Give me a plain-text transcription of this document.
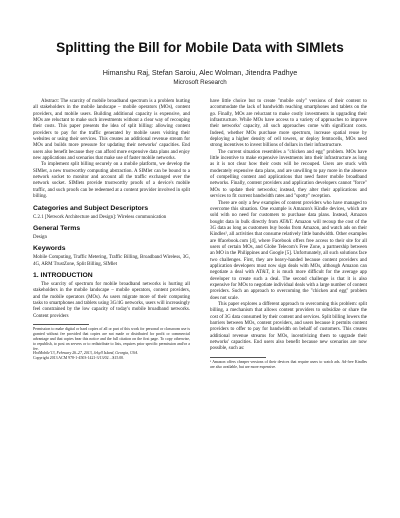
Splitting the Bill for Mobile Data with SIMlets
Himanshu Raj, Stefan Saroiu, Alec Wolman, Jitendra Padhye
Microsoft Research

Abstract: The scarcity of mobile broadband spectrum is a problem hurting all stakeholders in the mobile landscape – mobile operators (MOs), content providers, and mobile users. Building additional capacity is expensive, and MOs are reluctant to make such investments without a clear way of recouping their costs. This paper presents the idea of split billing: allowing content providers to pay for the traffic generated by mobile users visiting their websites or using their services. This creates an additional revenue stream for MOs and builds more pressure for updating their networks' capacities. End users also benefit because they can afford more expensive data plans and enjoy new applications and scenarios that make use of faster mobile networks.

To implement split billing securely on a mobile platform, we develop the SIMlet, a new trustworthy computing abstraction. A SIMlet can be bound to a network socket to monitor and account all the traffic exchanged over the network socket. SIMlets provide trustworthy proofs of a device's mobile traffic, and such proofs can be redeemed at a content provider involved in split billing.

Categories and Subject Descriptors

C.2.1 [Network Architecture and Design]: Wireless communication

General Terms

Design

Keywords

Mobile Computing, Traffic Metering, Traffic Billing, Broadband Wireless, 3G, 4G, ARM TrustZone, Split Billing, SIMlet

1. INTRODUCTION

The scarcity of spectrum for mobile broadband networks is hurting all stakeholders in the mobile landscape – mobile operators, content providers, and the mobile operators (MOs). As users migrate more of their computing tasks to smartphones and tablets using 3G/4G networks, users will increasingly feel constrained by the low capacity of today's mobile broadband networks. Content providers

Permission to make digital or hard copies of all or part of this work for personal or classroom use is granted without fee provided that copies are not made or distributed for profit or commercial advantage and that copies bear this notice and the full citation on the first page. To copy otherwise, to republish, to post on servers or to redistribute to lists, requires prior specific permission and/or a fee.

HotMobile'13, February 26–27, 2013, Jekyll Island, Georgia, USA.

Copyright 2013 ACM 978-1-4503-1421-3/13/02 ...$15.00.

have little choice but to create "mobile only" versions of their content to accommodate the lack of bandwidth reaching smartphones and tablets on the go. Finally, MOs are reluctant to make costly investments in upgrading their infrastructure. While MOs have access to a variety of approaches to improve their networks' capacity, all such approaches come with significant costs. Indeed, whether MOs purchase more spectrum, increase spatial reuse by deploying a higher density of cell towers, or deploy femtocells, MOs need strong incentives to invest billions of dollars in their infrastructure.

The current situation resembles a "chicken and egg" problem. MOs have little incentive to make expensive investments into their infrastructure as long as it is not clear how their costs will be recouped. Users are stuck with moderately expensive data plans, and are unwilling to pay more in the absence of compelling content and applications that need faster mobile broadband networks. Finally, content providers and application developers cannot "force" MOs to update their networks; instead, they alter their applications and services to fit current bandwidth rates and "spotty" reception.

There are only a few examples of content providers who have managed to overcome this situation. One example is Amazon's Kindle devices, which are sold with no need for customers to purchase data plans. Instead, Amazon bought data in bulk directly from AT&T. Amazon will recoup the cost of the 3G data as long as customers buy books from Amazon, and watch ads on their Kindles¹, all activities that consume relatively little bandwidth. Other examples are 0facebook.com [4], where Facebook offers free access to their site for all users of certain MOs, and Globe Telecom's Free Zone, a partnership between an MO in the Philippines and Google [5]. Unfortunately, all such solutions face two challenges. First, they are heavy-handed because content providers and application developers must now sign deals with MOs, although Amazon can negotiate a deal with AT&T, it is much more difficult for the average app developer to create such a deal. The second challenge is that it is also expensive for MOs to negotiate individual deals with a large number of content providers. Such an approach to overcoming the "chicken and egg" problem does not scale.

This paper explores a different approach to overcoming this problem: split billing, a mechanism that allows content providers to subsidize or share the cost of 3G data consumed by their content and services. Split billing lowers the barriers between MOs, content providers, and users because it permits content providers to offer to pay for bandwidth on behalf of customers. This creates additional revenue streams for MOs, incentivizing them to upgrade their networks' capacities. End users also benefit because new scenarios are now possible, such as:

¹ Amazon offers cheaper versions of their devices that require users to watch ads. Ad-free Kindles are also available, but are more expensive.
